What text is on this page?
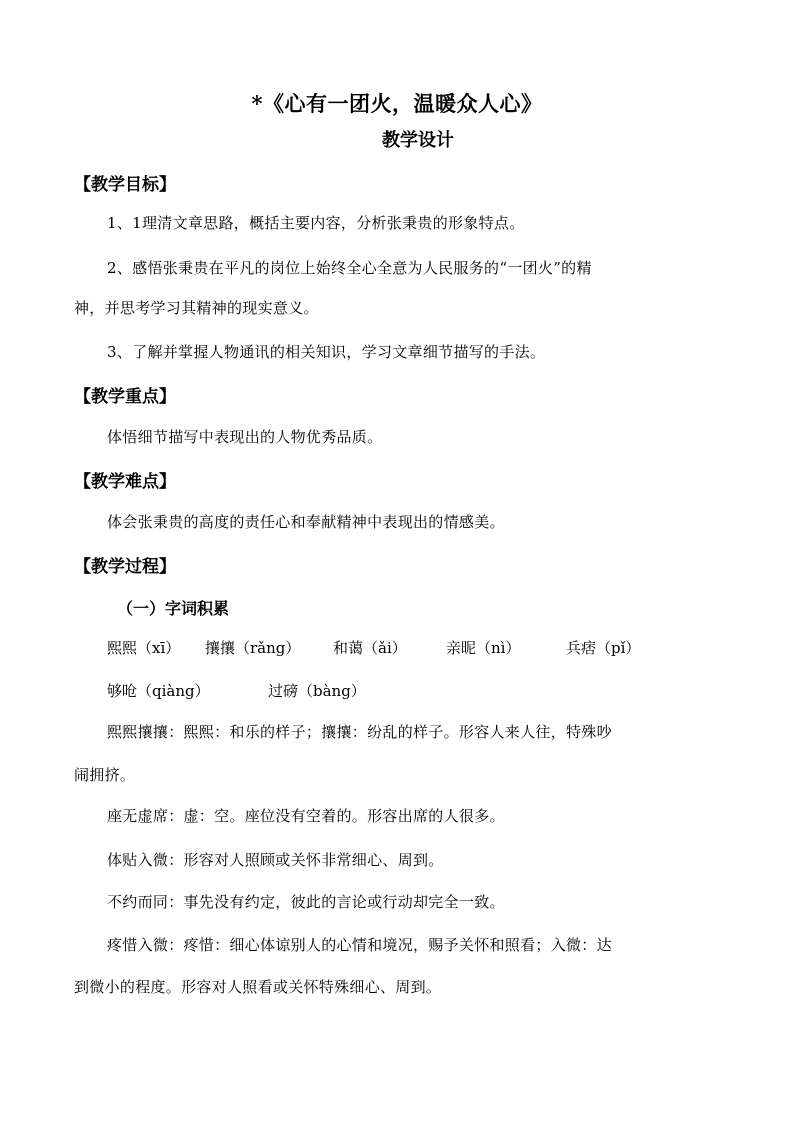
*《心有一团火，温暖众人心》
教学设计
【教学目标】
1、1理清文章思路，概括主要内容，分析张秉贵的形象特点。
2、感悟张秉贵在平凡的岗位上始终全心全意为人民服务的“一团火”的精
神，并思考学习其精神的现实意义。
3、了解并掌握人物通讯的相关知识，学习文章细节描写的手法。
【教学重点】
体悟细节描写中表现出的人物优秀品质。
【教学难点】
体会张秉贵的高度的责任心和奉献精神中表现出的情感美。
【教学过程】
（一）字词积累
熙熙（xī） 攘攘（rǎng） 和蔼（ǎi）	亲昵（nì）	兵痞（pǐ）
够呛（qiàng）	过磅（bàng）
熙熙攘攘：熙熙：和乐的样子；攘攘：纷乱的样子。形容人来人往，特殊吵
闹拥挤。
座无虚席：虚：空。座位没有空着的。形容出席的人很多。
体贴入微：形容对人照顾或关怀非常细心、周到。
不约而同：事先没有约定，彼此的言论或行动却完全一致。
疼惜入微：疼惜：细心体谅别人的心情和境况，赐予关怀和照看；入微：达
到微小的程度。形容对人照看或关怀特殊细心、周到。
